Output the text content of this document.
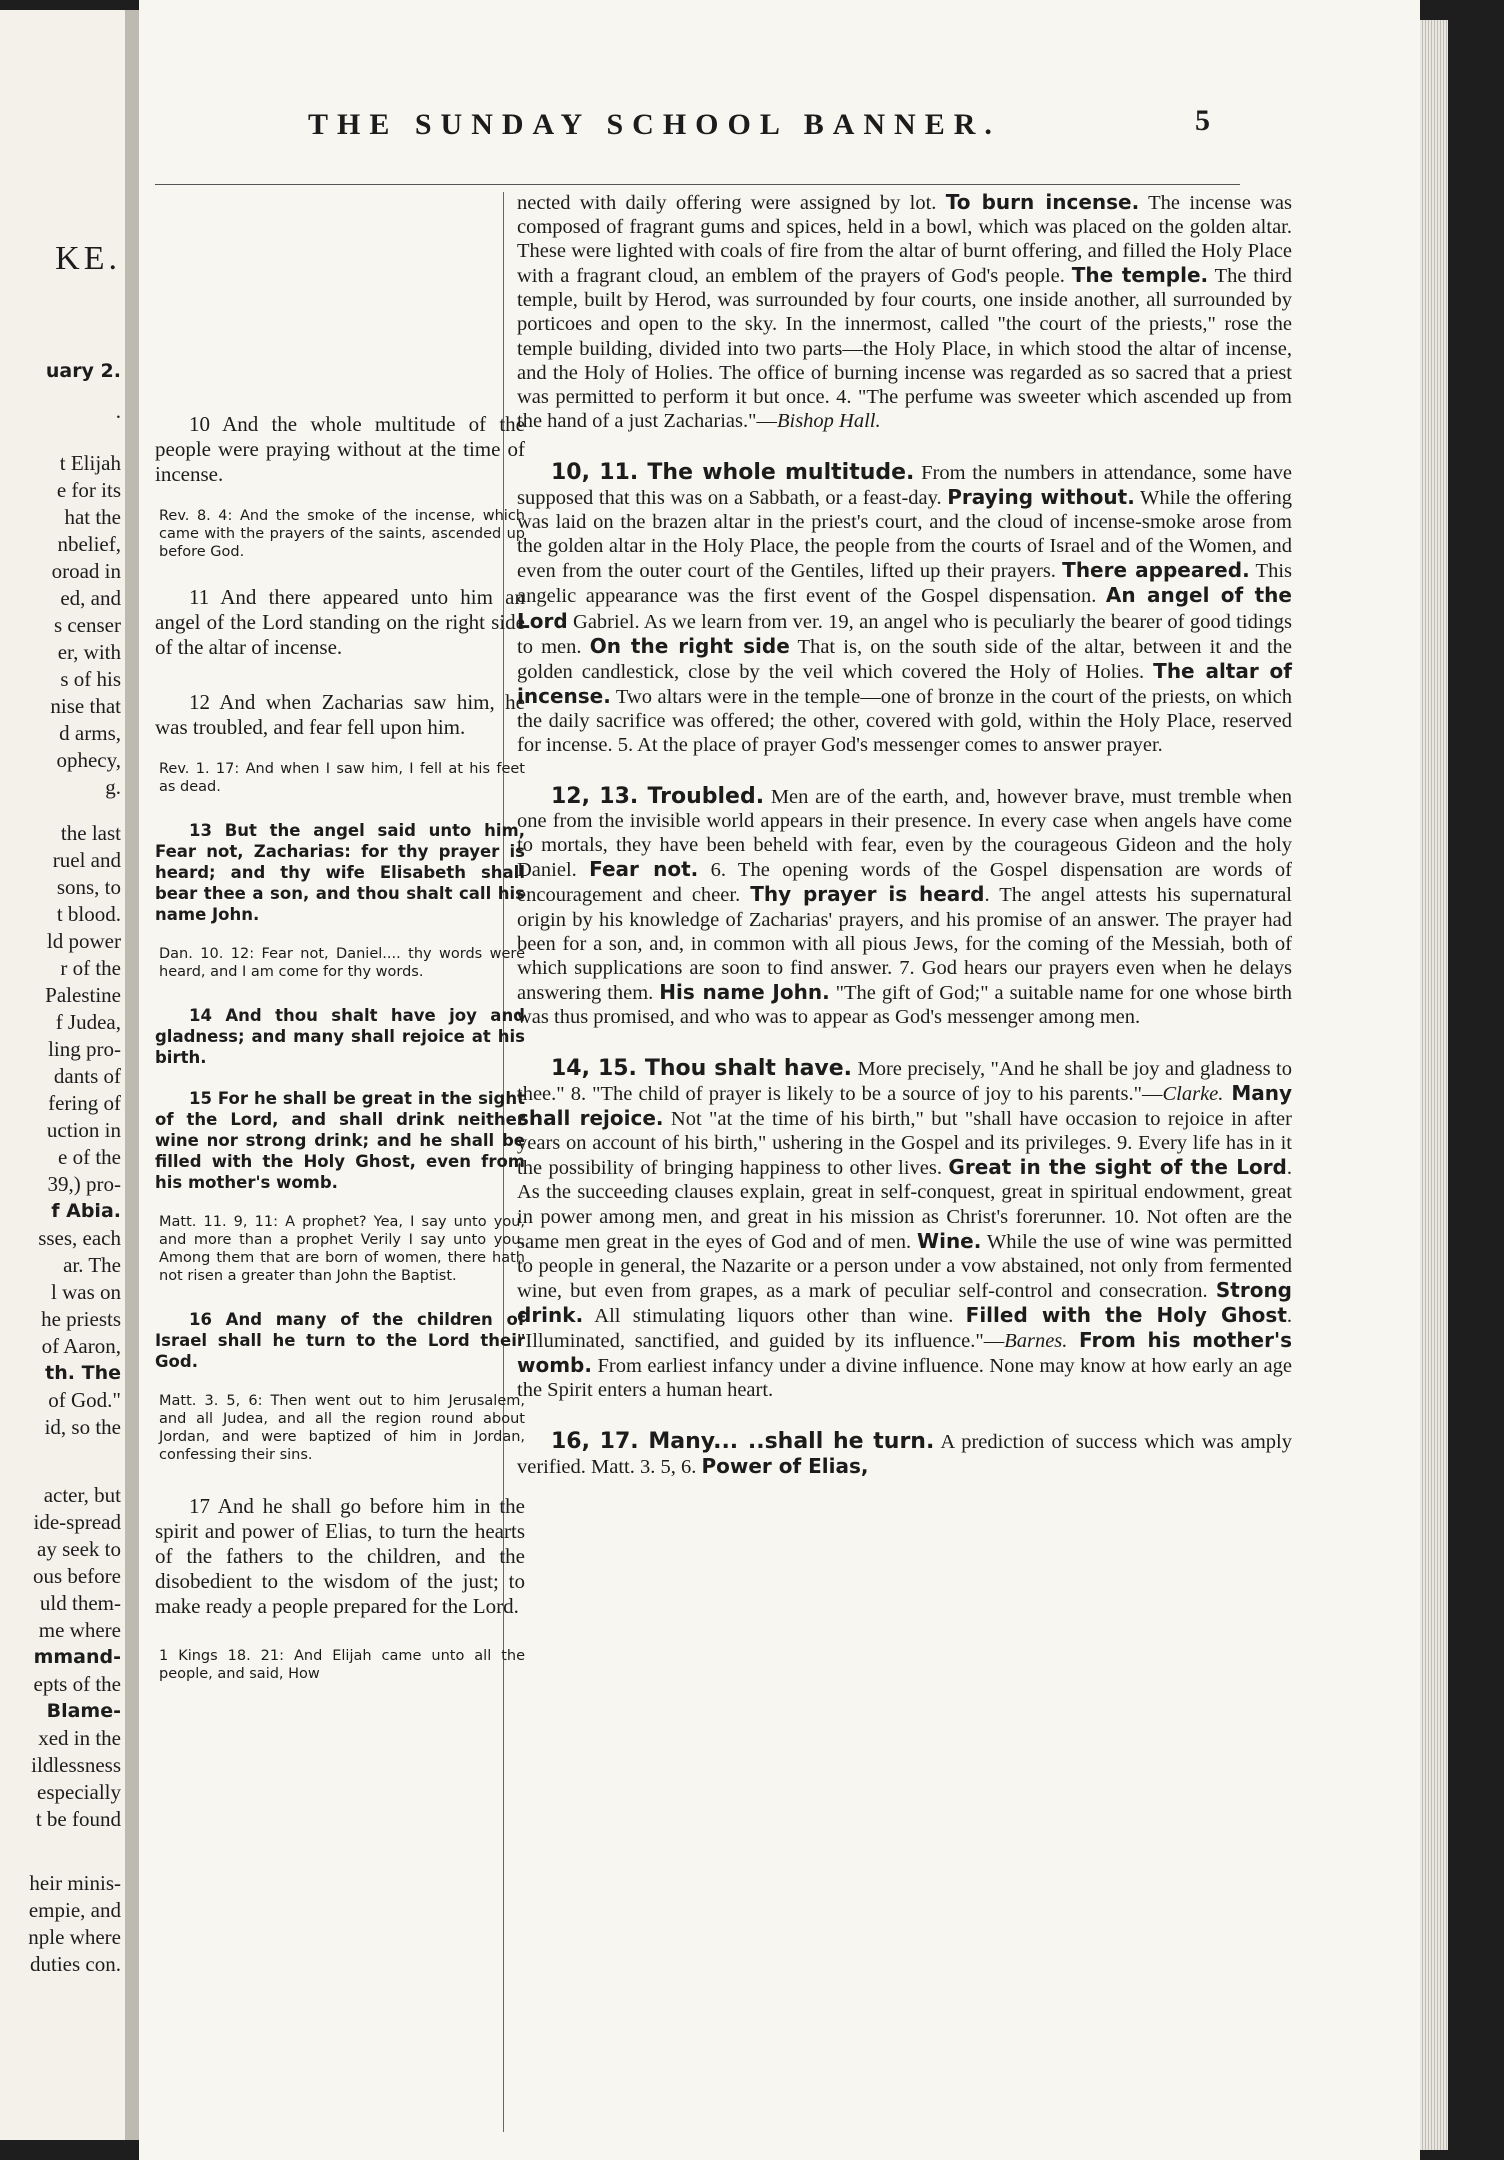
KE.
uary 2.
.
t Elijah
e for its
hat the
nbelief,
oroad in
ed, and
s censer
er, with
s of his
nise that
d arms,
ophecy,
g.
the last
ruel and
sons, to
t blood.
ld power
r of the
Palestine
f Judea,
ling pro-
dants of
fering of
uction in
e of the
39,) pro-
f Abia.
sses, each
ar. The
l was on
he priests
of Aaron,
th. The
of God."
id, so the
acter, but
ide-spread
ay seek to
ous before
uld them-
me where
mmand-
epts of the
Blame-
xed in the
ildlessness
especially
t be found
heir minis-
empie, and
nple where
duties con.
THE SUNDAY SCHOOL BANNER.	5

10 And the whole multitude of the people were praying without at the time of incense.

Rev. 8. 4: And the smoke of the incense, which came with the prayers of the saints, ascended up before God.

11 And there appeared unto him an angel of the Lord standing on the right side of the altar of incense.

12 And when Zacharias saw him, he was troubled, and fear fell upon him.

Rev. 1. 17: And when I saw him, I fell at his feet as dead.

13 But the angel said unto him, Fear not, Zacharias: for thy prayer is heard; and thy wife Elisabeth shall bear thee a son, and thou shalt call his name John.

Dan. 10. 12: Fear not, Daniel.... thy words were heard, and I am come for thy words.

14 And thou shalt have joy and gladness; and many shall rejoice at his birth.

15 For he shall be great in the sight of the Lord, and shall drink neither wine nor strong drink; and he shall be filled with the Holy Ghost, even from his mother's womb.

Matt. 11. 9, 11: A prophet? Yea, I say unto you, and more than a prophet Verily I say unto you, Among them that are born of women, there hath not risen a greater than John the Baptist.

16 And many of the children of Israel shall he turn to the Lord their God.

Matt. 3. 5, 6: Then went out to him Jerusalem, and all Judea, and all the region round about Jordan, and were baptized of him in Jordan, confessing their sins.

17 And he shall go before him in the spirit and power of Elias, to turn the hearts of the fathers to the children, and the disobedient to the wisdom of the just; to make ready a people prepared for the Lord.

1 Kings 18. 21: And Elijah came unto all the people, and said, How

nected with daily offering were assigned by lot. To burn incense. The incense was composed of fragrant gums and spices, held in a bowl, which was placed on the golden altar. These were lighted with coals of fire from the altar of burnt offering, and filled the Holy Place with a fragrant cloud, an emblem of the prayers of God's people. The temple. The third temple, built by Herod, was surrounded by four courts, one inside another, all surrounded by porticoes and open to the sky. In the innermost, called "the court of the priests," rose the temple building, divided into two parts—the Holy Place, in which stood the altar of incense, and the Holy of Holies. The office of burning incense was regarded as so sacred that a priest was permitted to perform it but once. 4. "The perfume was sweeter which ascended up from the hand of a just Zacharias."—Bishop Hall.

10, 11. The whole multitude. From the numbers in attendance, some have supposed that this was on a Sabbath, or a feast-day. Praying without. While the offering was laid on the brazen altar in the priest's court, and the cloud of incense-smoke arose from the golden altar in the Holy Place, the people from the courts of Israel and of the Women, and even from the outer court of the Gentiles, lifted up their prayers. There appeared. This angelic appearance was the first event of the Gospel dispensation. An angel of the Lord Gabriel. As we learn from ver. 19, an angel who is peculiarly the bearer of good tidings to men. On the right side That is, on the south side of the altar, between it and the golden candlestick, close by the veil which covered the Holy of Holies. The altar of incense. Two altars were in the temple—one of bronze in the court of the priests, on which the daily sacrifice was offered; the other, covered with gold, within the Holy Place, reserved for incense. 5. At the place of prayer God's messenger comes to answer prayer.

12, 13. Troubled. Men are of the earth, and, however brave, must tremble when one from the invisible world appears in their presence. In every case when angels have come to mortals, they have been beheld with fear, even by the courageous Gideon and the holy Daniel. Fear not. 6. The opening words of the Gospel dispensation are words of encouragement and cheer. Thy prayer is heard. The angel attests his supernatural origin by his knowledge of Zacharias' prayers, and his promise of an answer. The prayer had been for a son, and, in common with all pious Jews, for the coming of the Messiah, both of which supplications are soon to find answer. 7. God hears our prayers even when he delays answering them. His name John. "The gift of God;" a suitable name for one whose birth was thus promised, and who was to appear as God's messenger among men.

14, 15. Thou shalt have. More precisely, "And he shall be joy and gladness to thee." 8. "The child of prayer is likely to be a source of joy to his parents."—Clarke. Many shall rejoice. Not "at the time of his birth," but "shall have occasion to rejoice in after years on account of his birth," ushering in the Gospel and its privileges. 9. Every life has in it the possibility of bringing happiness to other lives. Great in the sight of the Lord. As the succeeding clauses explain, great in self-conquest, great in spiritual endowment, great in power among men, and great in his mission as Christ's forerunner. 10. Not often are the same men great in the eyes of God and of men. Wine. While the use of wine was permitted to people in general, the Nazarite or a person under a vow abstained, not only from fermented wine, but even from grapes, as a mark of peculiar self-control and consecration. Strong drink. All stimulating liquors other than wine. Filled with the Holy Ghost. "Illuminated, sanctified, and guided by its influence."—Barnes. From his mother's womb. From earliest infancy under a divine influence. None may know at how early an age the Spirit enters a human heart.

16, 17. Many... ..shall he turn. A prediction of success which was amply verified. Matt. 3. 5, 6. Power of Elias,
